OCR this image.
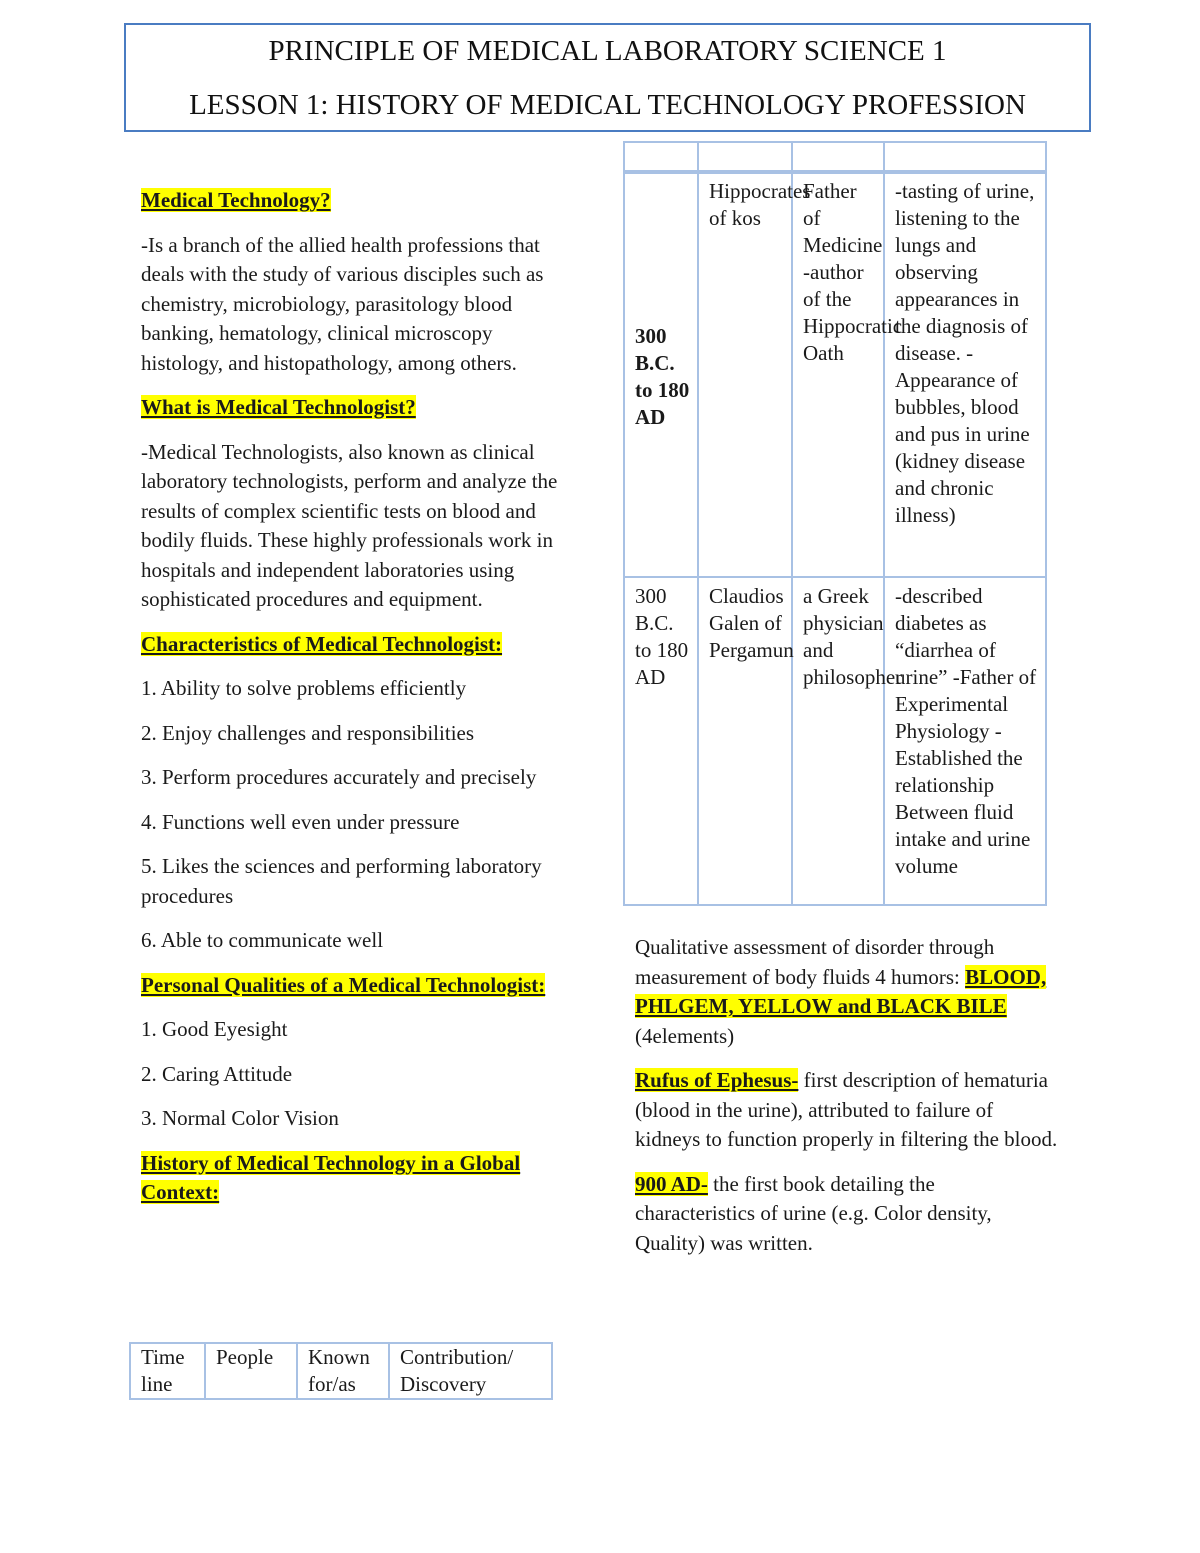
PRINCIPLE OF MEDICAL LABORATORY SCIENCE 1
LESSON 1: HISTORY OF MEDICAL TECHNOLOGY PROFESSION

Medical Technology?

-Is a branch of the allied health professions that deals with the study of various disciples such as chemistry, microbiology, parasitology blood banking, hematology, clinical microscopy histology, and histopathology, among others.

What is Medical Technologist?

-Medical Technologists, also known as clinical laboratory technologists, perform and analyze the results of complex scientific tests on blood and bodily fluids. These highly professionals work in hospitals and independent laboratories using sophisticated procedures and equipment.

Characteristics of Medical Technologist:

1. Ability to solve problems efficiently

2. Enjoy challenges and responsibilities

3. Perform procedures accurately and precisely

4. Functions well even under pressure

5. Likes the sciences and performing laboratory procedures

6. Able to communicate well

Personal Qualities of a Medical Technologist:

1. Good Eyesight

2. Caring Attitude

3. Normal Color Vision

History of Medical Technology in a Global Context:

Time line	People	Known for/as	Contribution/ Discovery

300 B.C. to 180 AD	Hippocrates of kos	Father of Medicine -author of the Hippocratic Oath	-tasting of urine, listening to the lungs and observing appearances in the diagnosis of disease. -Appearance of bubbles, blood and pus in urine (kidney disease and chronic illness)
300 B.C. to 180 AD	Claudios Galen of Pergamun	a Greek physician and philosopher	-described diabetes as “diarrhea of urine” -Father of Experimental Physiology -Established the relationship Between fluid intake and urine volume

Qualitative assessment of disorder through measurement of body fluids 4 humors: BLOOD, PHLGEM, YELLOW and BLACK BILE (4elements)

Rufus of Ephesus- first description of hematuria (blood in the urine), attributed to failure of kidneys to function properly in filtering the blood.

900 AD- the first book detailing the characteristics of urine (e.g. Color density, Quality) was written.
